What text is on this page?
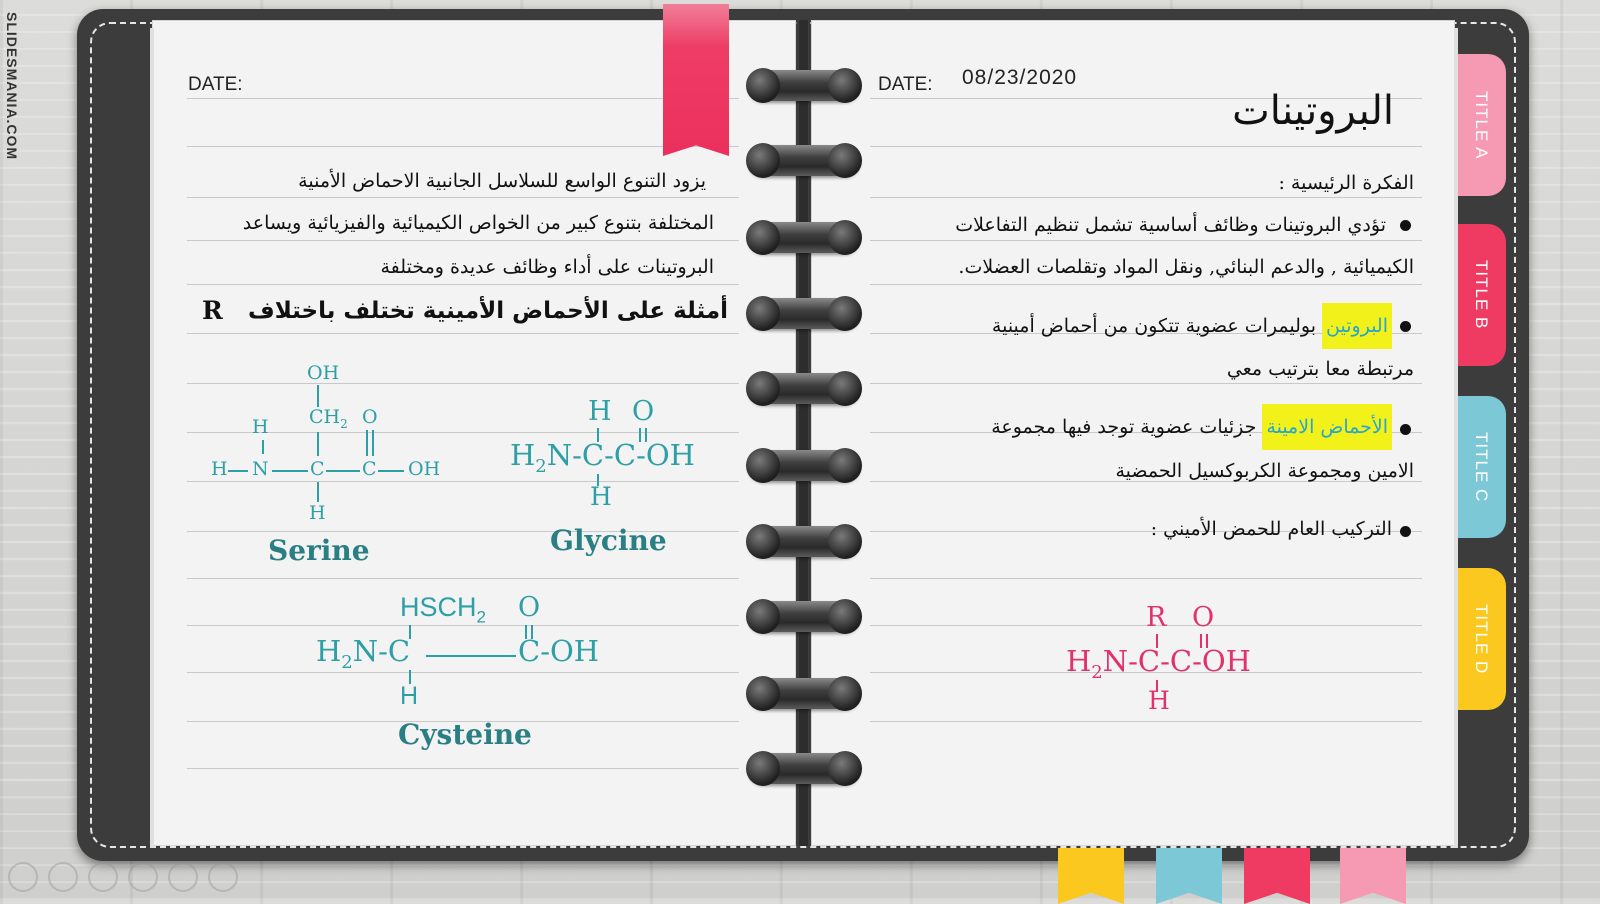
SLIDESMANIA.COM	TITLE A
TITLE B
TITLE C
TITLE D
DATE:
يزود التنوع الواسع للسلاسل الجانبية الاحماض الأمنية
المختلفة بتنوع كبير من الخواص الكيميائية والفيزيائية ويساعد
البروتينات على أداء وظائف عديدة ومختلفة
أمثلة على الأحماض الأمينية تختلف باختلاف
R
OH
$CH_2$ O
H
H N C C OH
H
Serine
H O
$H_2N-C-C-OH$
H
Glycine
$HSCH_2$ O
$H_2N-C$	C-OH
H
Cysteine
DATE: 08/23/2020
البروتينات
الفكرة الرئيسية :
تؤدي البروتينات وظائف أساسية تشمل تنظيم التفاعلات
الكيميائية , والدعم البنائي, ونقل المواد وتقلصات العضلات.
البروتين بوليمرات عضوية تتكون من أحماض أمينية
مرتبطة معا بترتيب معي
الأحماض الامينة جزئيات عضوية توجد فيها مجموعة
الامين ومجموعة الكربوكسيل الحمضية
التركيب العام للحمض الأميني :
R O
$H_2N-C-C-OH$
H
